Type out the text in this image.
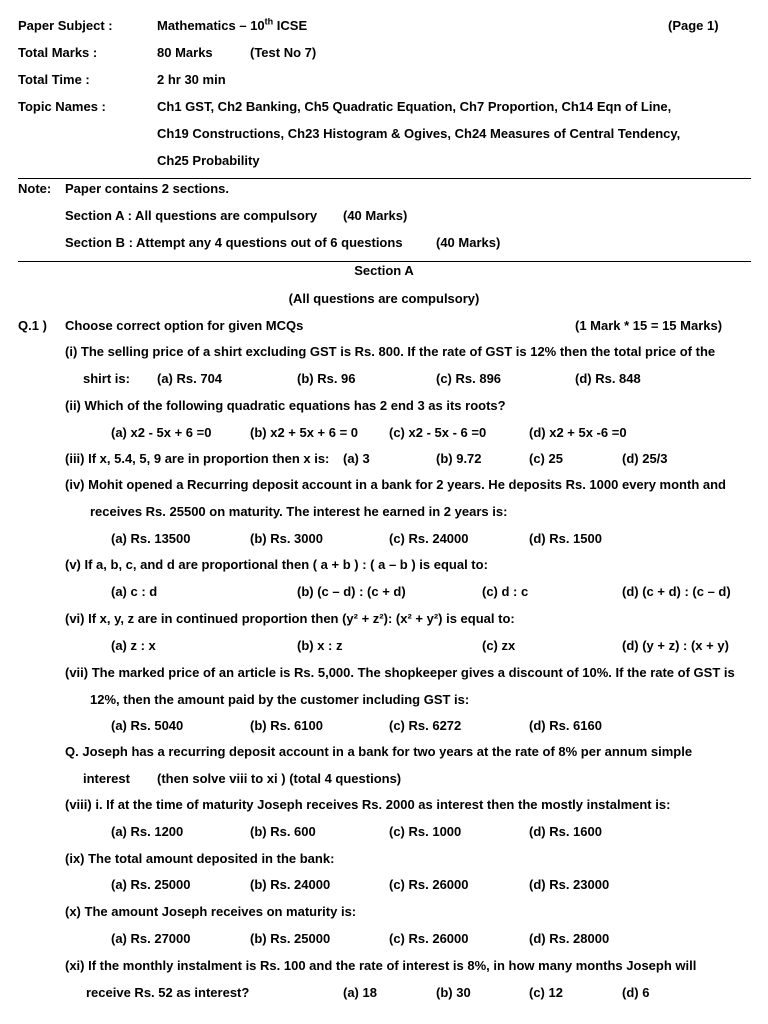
Paper Subject :	Mathematics – 10th ICSE	(Page 1)
Total Marks :	80 Marks	(Test No 7)
Total Time :	2 hr 30 min
Topic Names :	Ch1 GST, Ch2 Banking, Ch5 Quadratic Equation, Ch7 Proportion, Ch14 Eqn of Line,
Ch19 Constructions, Ch23 Histogram & Ogives, Ch24 Measures of Central Tendency,
Ch25 Probability
Note: Paper contains 2 sections.
Section A : All questions are compulsory (40 Marks)
Section B : Attempt any 4 questions out of 6 questions	(40 Marks)
Section A
(All questions are compulsory)
Q.1 ) Choose correct option for given MCQs	(1 Mark * 15 = 15 Marks)
(i) The selling price of a shirt excluding GST is Rs. 800. If the rate of GST is 12% then the total price of the
shirt is: (a) Rs. 704	(b) Rs. 96	(c) Rs. 896	(d) Rs. 848
(ii) Which of the following quadratic equations has 2 end 3 as its roots?
(a) x2 - 5x + 6 =0	(b) x2 + 5x + 6 = 0 (c) x2 - 5x - 6 =0	(d) x2 + 5x -6 =0
(iii) If x, 5.4, 5, 9 are in proportion then x is: (a) 3	(b) 9.72	(c) 25	(d) 25/3
(iv) Mohit opened a Recurring deposit account in a bank for 2 years. He deposits Rs. 1000 every month and
receives Rs. 25500 on maturity. The interest he earned in 2 years is:
(a) Rs. 13500	(b) Rs. 3000	(c) Rs. 24000	(d) Rs. 1500
(v) If a, b, c, and d are proportional then ( a + b ) : ( a – b ) is equal to:
(a) c : d	(b) (c – d) : (c + d)	(c) d : c	(d) (c + d) : (c – d)
(vi) If x, y, z are in continued proportion then (y² + z²): (x² + y²) is equal to:
(a) z : x	(b) x : z	(c) zx	(d) (y + z) : (x + y)
(vii) The marked price of an article is Rs. 5,000. The shopkeeper gives a discount of 10%. If the rate of GST is
12%, then the amount paid by the customer including GST is:
(a) Rs. 5040	(b) Rs. 6100	(c) Rs. 6272	(d) Rs. 6160
Q. Joseph has a recurring deposit account in a bank for two years at the rate of 8% per annum simple
interest (then solve viii to xi ) (total 4 questions)
(viii) i. If at the time of maturity Joseph receives Rs. 2000 as interest then the mostly instalment is:
(a) Rs. 1200	(b) Rs. 600	(c) Rs. 1000	(d) Rs. 1600
(ix) The total amount deposited in the bank:
(a) Rs. 25000	(b) Rs. 24000	(c) Rs. 26000	(d) Rs. 23000
(x) The amount Joseph receives on maturity is:
(a) Rs. 27000	(b) Rs. 25000	(c) Rs. 26000	(d) Rs. 28000
(xi) If the monthly instalment is Rs. 100 and the rate of interest is 8%, in how many months Joseph will
receive Rs. 52 as interest?	(a) 18	(b) 30	(c) 12	(d) 6
